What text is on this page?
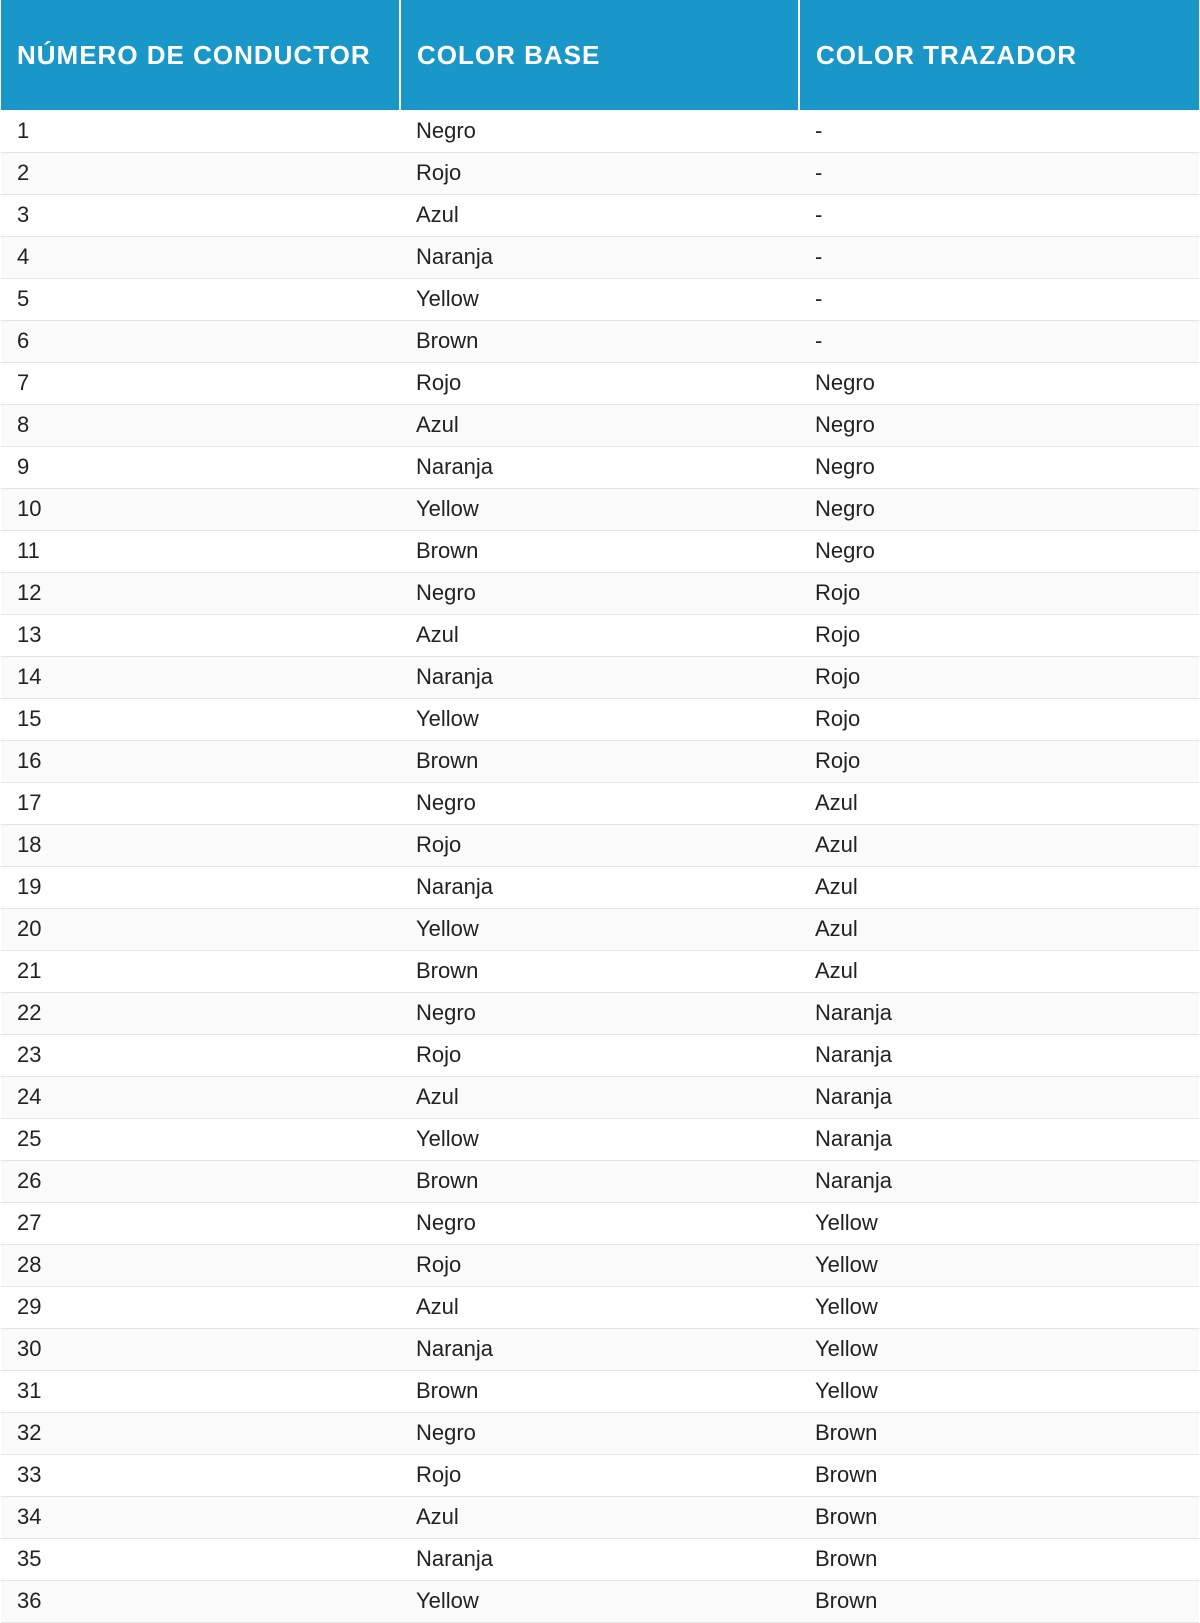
NÚMERO DE CONDUCTOR	COLOR BASE	COLOR TRAZADOR
1	Negro	-
2	Rojo	-
3	Azul	-
4	Naranja	-
5	Yellow	-
6	Brown	-
7	Rojo	Negro
8	Azul	Negro
9	Naranja	Negro
10	Yellow	Negro
11	Brown	Negro
12	Negro	Rojo
13	Azul	Rojo
14	Naranja	Rojo
15	Yellow	Rojo
16	Brown	Rojo
17	Negro	Azul
18	Rojo	Azul
19	Naranja	Azul
20	Yellow	Azul
21	Brown	Azul
22	Negro	Naranja
23	Rojo	Naranja
24	Azul	Naranja
25	Yellow	Naranja
26	Brown	Naranja
27	Negro	Yellow
28	Rojo	Yellow
29	Azul	Yellow
30	Naranja	Yellow
31	Brown	Yellow
32	Negro	Brown
33	Rojo	Brown
34	Azul	Brown
35	Naranja	Brown
36	Yellow	Brown
